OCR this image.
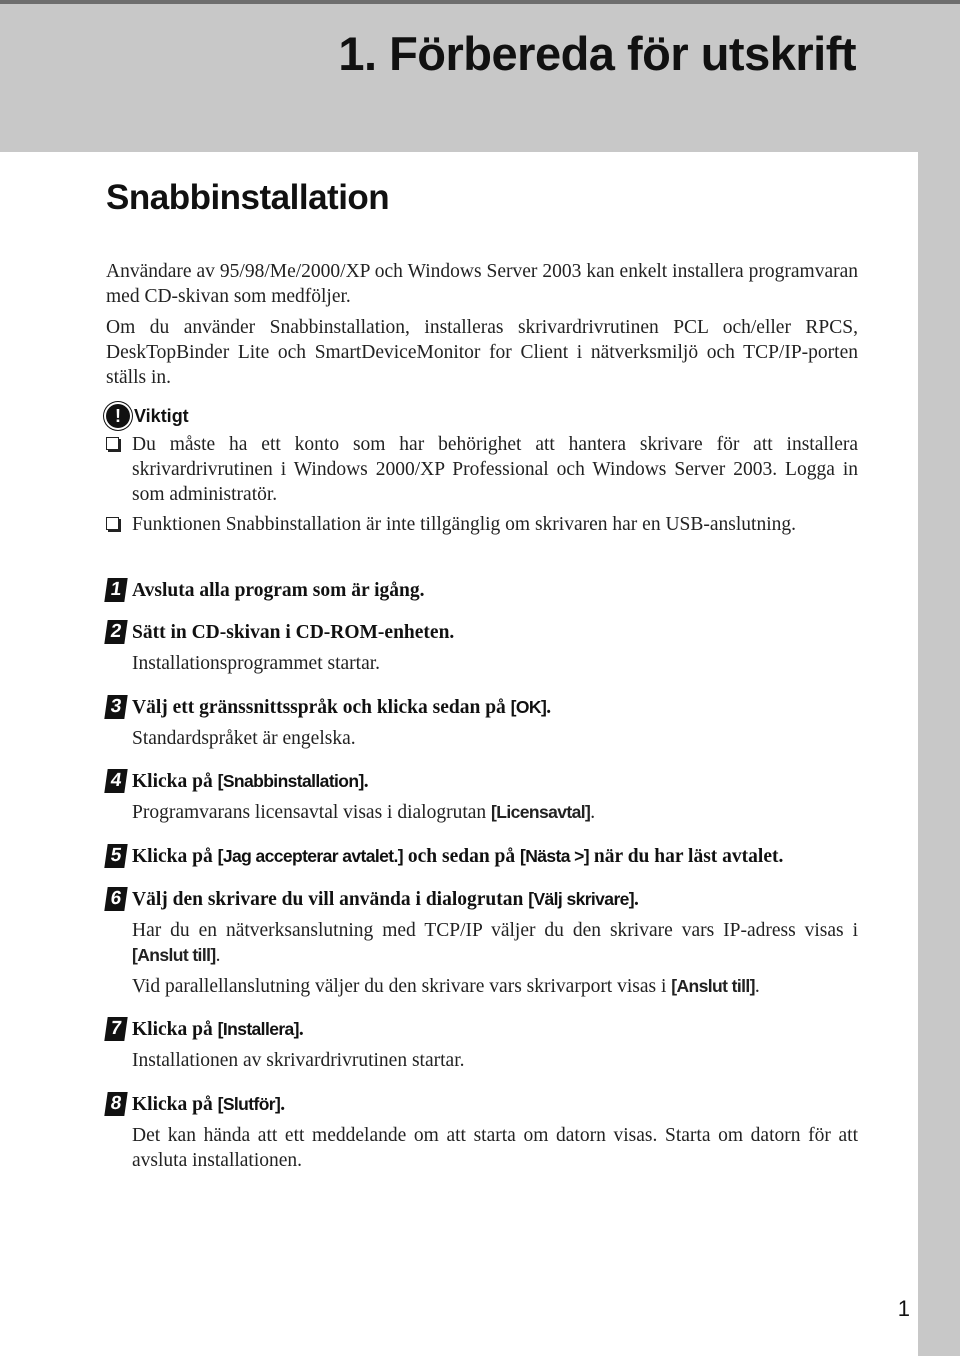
1. Förbereda för utskrift
Snabbinstallation

Användare av 95/98/Me/2000/XP och Windows Server 2003 kan enkelt installera programvaran med CD-skivan som medföljer.

Om du använder Snabbinstallation, installeras skrivardrivrutinen PCL och/eller RPCS, DeskTopBinder Lite och SmartDeviceMonitor for Client i nätverksmiljö och TCP/IP-porten ställs in.

! Viktigt

Du måste ha ett konto som har behörighet att hantera skrivare för att installera skrivardrivrutinen i Windows 2000/XP Professional och Windows Server 2003. Logga in som administratör.

Funktionen Snabbinstallation är inte tillgänglig om skrivaren har en USB-anslutning.

1 Avsluta alla program som är igång.

2 Sätt in CD-skivan i CD-ROM-enheten.

Installationsprogrammet startar.

3 Välj ett gränssnittsspråk och klicka sedan på [OK].

Standardspråket är engelska.

4 Klicka på [Snabbinstallation].

Programvarans licensavtal visas i dialogrutan [Licensavtal].

5 Klicka på [Jag accepterar avtalet.] och sedan på [Nästa >] när du har läst avtalet.

6 Välj den skrivare du vill använda i dialogrutan [Välj skrivare].

Har du en nätverksanslutning med TCP/IP väljer du den skrivare vars IP-adress visas i [Anslut till].

Vid parallellanslutning väljer du den skrivare vars skrivarport visas i [Anslut till].

7 Klicka på [Installera].

Installationen av skrivardrivrutinen startar.

8 Klicka på [Slutför].

Det kan hända att ett meddelande om att starta om datorn visas. Starta om datorn för att avsluta installationen.

1
